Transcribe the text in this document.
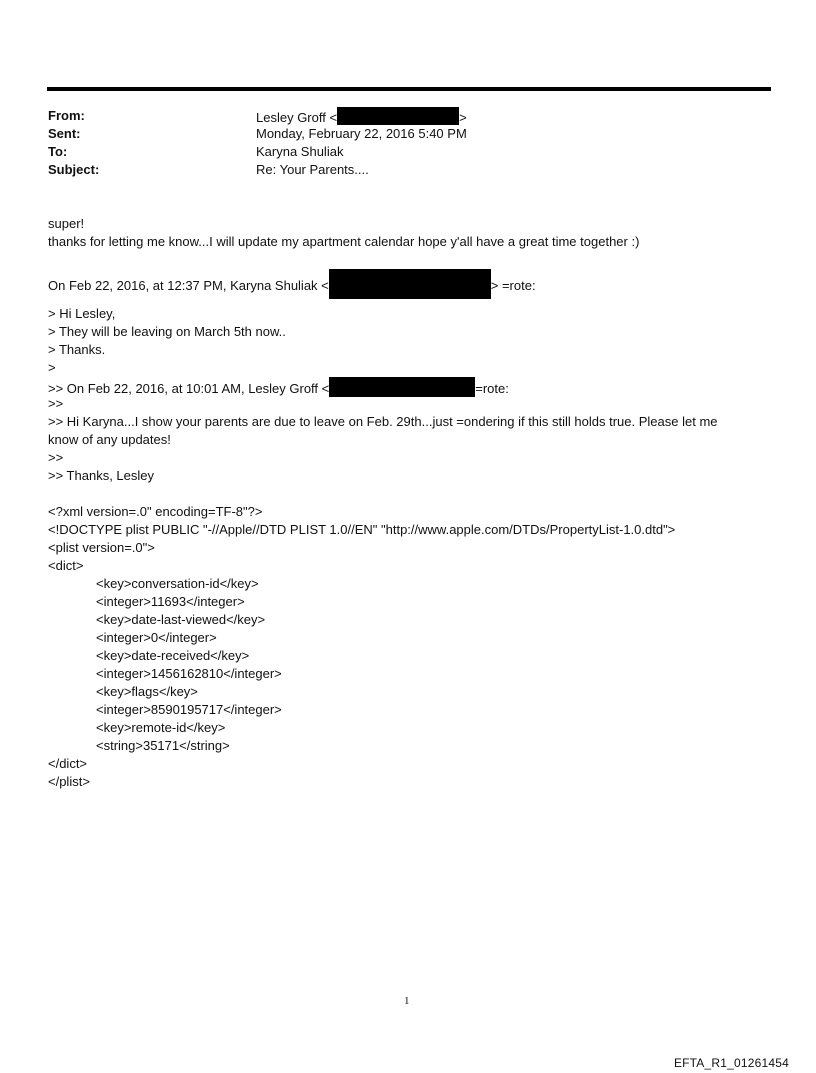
From:	Lesley Groff <	>
Sent:	Monday, February 22, 2016 5:40 PM
To:	Karyna Shuliak
Subject:	Re: Your Parents....
super!
thanks for letting me know...I will update my apartment calendar hope y'all have a great time together :)
On Feb 22, 2016, at 12:37 PM, Karyna Shuliak <	> =rote:
> Hi Lesley,
> They will be leaving on March 5th now..
> Thanks.
>
>> On Feb 22, 2016, at 10:01 AM, Lesley Groff <	=rote:
>>
>> Hi Karyna...I show your parents are due to leave on Feb. 29th...just =ondering if this still holds true. Please let me
know of any updates!
>>
>> Thanks, Lesley
<?xml version=.0" encoding=TF-8"?>
<!DOCTYPE plist PUBLIC "-//Apple//DTD PLIST 1.0//EN" "http://www.apple.com/DTDs/PropertyList-1.0.dtd">
<plist version=.0">
<dict>
<key>conversation-id</key>
<integer>11693</integer>
<key>date-last-viewed</key>
<integer>0</integer>
<key>date-received</key>
<integer>1456162810</integer>
<key>flags</key>
<integer>8590195717</integer>
<key>remote-id</key>
<string>35171</string>
</dict>
</plist>
1
EFTA_R1_01261454
